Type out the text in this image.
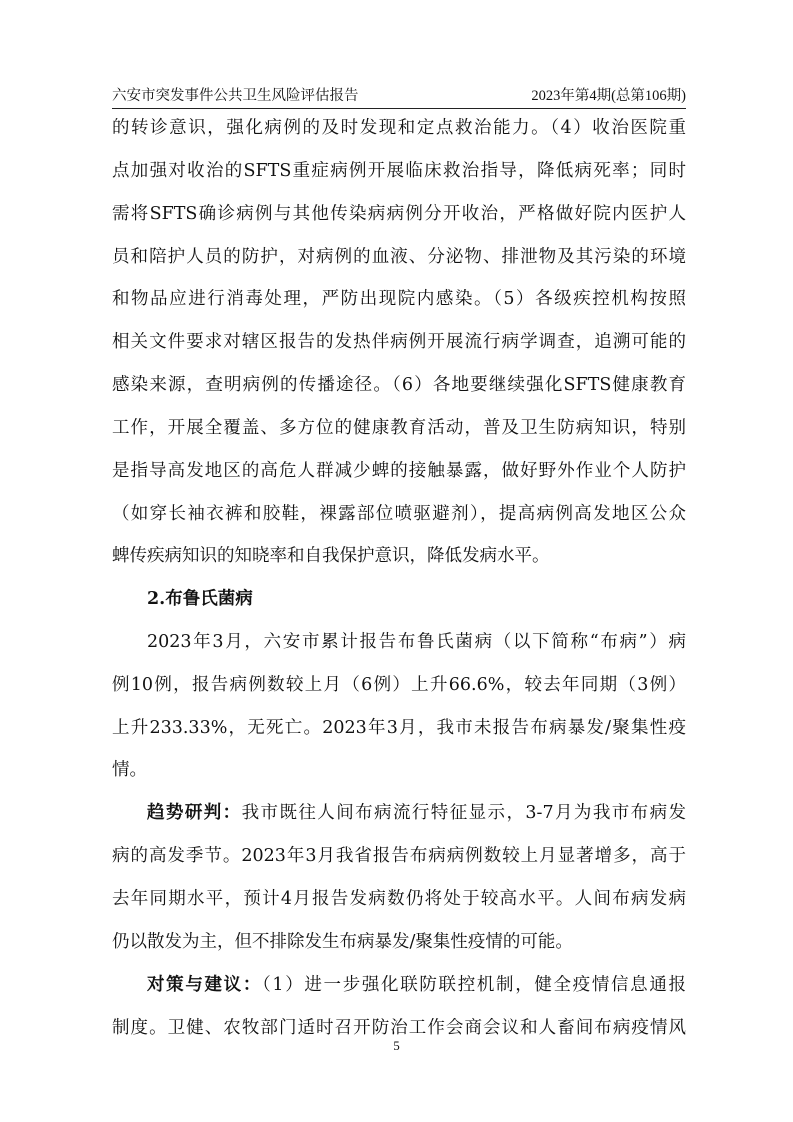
六安市突发事件公共卫生风险评估报告	2023年第4期(总第106期)
的转诊意识，强化病例的及时发现和定点救治能力。（4）收治医院重
点加强对收治的SFTS重症病例开展临床救治指导，降低病死率；同时
需将SFTS确诊病例与其他传染病病例分开收治，严格做好院内医护人
员和陪护人员的防护，对病例的血液、分泌物、排泄物及其污染的环境
和物品应进行消毒处理，严防出现院内感染。（5）各级疾控机构按照
相关文件要求对辖区报告的发热伴病例开展流行病学调查，追溯可能的
感染来源，查明病例的传播途径。（6）各地要继续强化SFTS健康教育
工作，开展全覆盖、多方位的健康教育活动，普及卫生防病知识，特别
是指导高发地区的高危人群减少蜱的接触暴露，做好野外作业个人防护
（如穿长袖衣裤和胶鞋，裸露部位喷驱避剂），提高病例高发地区公众
蜱传疾病知识的知晓率和自我保护意识，降低发病水平。
2.布鲁氏菌病
2023年3月，六安市累计报告布鲁氏菌病（以下简称“布病”）病
例10例，报告病例数较上月（6例）上升66.6%，较去年同期（3例）
上升233.33%，无死亡。2023年3月，我市未报告布病暴发/聚集性疫
情。
趋势研判：我市既往人间布病流行特征显示，3-7月为我市布病发
病的高发季节。2023年3月我省报告布病病例数较上月显著增多，高于
去年同期水平，预计4月报告发病数仍将处于较高水平。人间布病发病
仍以散发为主，但不排除发生布病暴发/聚集性疫情的可能。
对策与建议：（1）进一步强化联防联控机制，健全疫情信息通报
制度。卫健、农牧部门适时召开防治工作会商会议和人畜间布病疫情风
5
